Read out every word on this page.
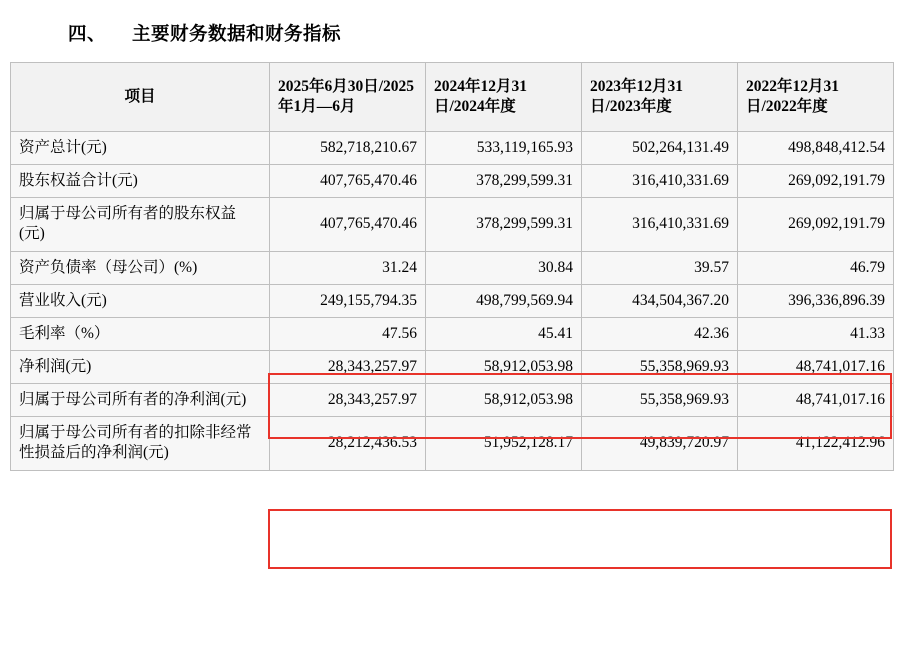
四、 主要财务数据和财务指标
项目	2025年6月30日/2025年1月—6月	2024年12月31日/2024年度	2023年12月31日/2023年度	2022年12月31日/2022年度
资产总计(元)	582,718,210.67	533,119,165.93	502,264,131.49	498,848,412.54
股东权益合计(元)	407,765,470.46	378,299,599.31	316,410,331.69	269,092,191.79
归属于母公司所有者的股东权益(元)	407,765,470.46	378,299,599.31	316,410,331.69	269,092,191.79
资产负债率（母公司）(%)	31.24	30.84	39.57	46.79
营业收入(元)	249,155,794.35	498,799,569.94	434,504,367.20	396,336,896.39
毛利率（%）	47.56	45.41	42.36	41.33
净利润(元)	28,343,257.97	58,912,053.98	55,358,969.93	48,741,017.16
归属于母公司所有者的净利润(元)	28,343,257.97	58,912,053.98	55,358,969.93	48,741,017.16
归属于母公司所有者的扣除非经常性损益后的净利润(元)	28,212,436.53	51,952,128.17	49,839,720.97	41,122,412.96
